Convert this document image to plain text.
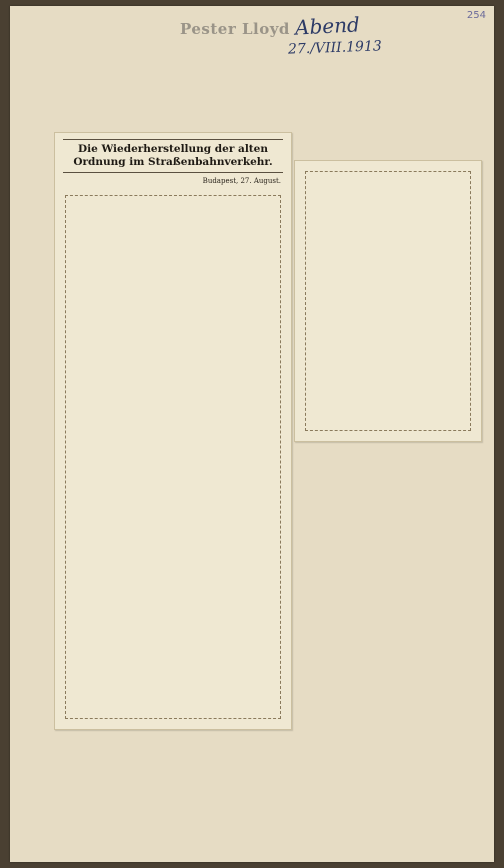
254
Pester Lloyd Abend
27./VIII.1913
Die Wiederherstellung der alten Ordnung im Straßenbahnverkehr.
Budapest, 27. August.
